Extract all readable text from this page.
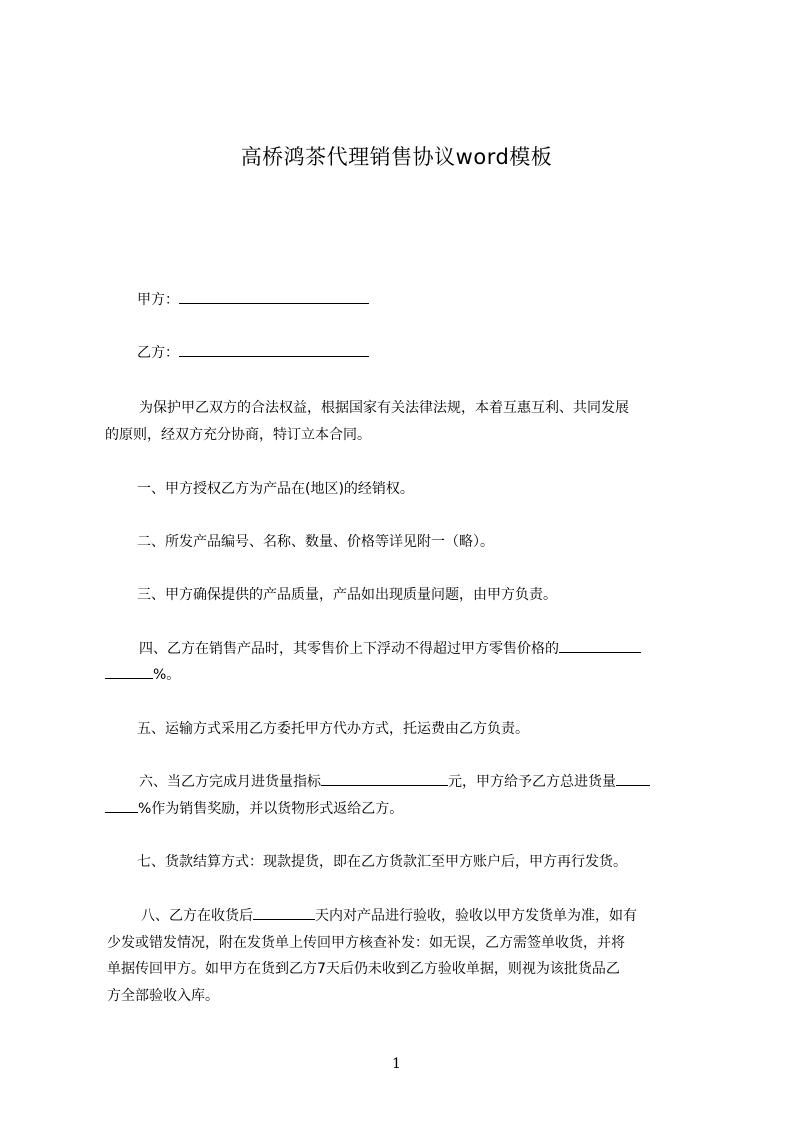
高桥鸿茶代理销售协议word模板
甲方：
乙方：
为保护甲乙双方的合法权益，根据国家有关法律法规，本着互惠互利、共同发展
的原则，经双方充分协商，特订立本合同。
一、甲方授权乙方为产品在(地区)的经销权。
二、所发产品编号、名称、数量、价格等详见附一（略）。
三、甲方确保提供的产品质量，产品如出现质量问题，由甲方负责。
四、乙方在销售产品时，其零售价上下浮动不得超过甲方零售价格的
%。
五、运输方式采用乙方委托甲方代办方式，托运费由乙方负责。
六、当乙方完成月进货量指标	元，甲方给予乙方总进货量
%作为销售奖励，并以货物形式返给乙方。
七、货款结算方式：现款提货，即在乙方货款汇至甲方账户后，甲方再行发货。
八、乙方在收货后	天内对产品进行验收，验收以甲方发货单为准，如有
少发或错发情况，附在发货单上传回甲方核查补发：如无误，乙方需签单收货，并将
单据传回甲方。如甲方在货到乙方7天后仍未收到乙方验收单据，则视为该批货品乙
方全部验收入库。
1
